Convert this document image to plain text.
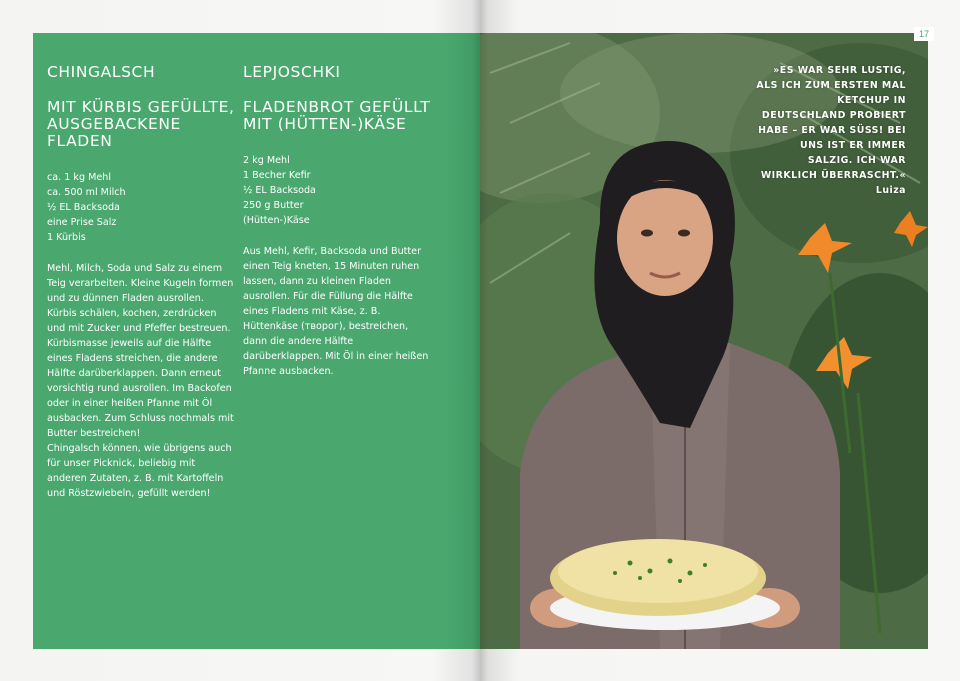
CHINGALSCH
MIT KÜRBIS GEFÜLLTE, AUSGEBACKENE FLADEN
ca. 1 kg Mehl
ca. 500 ml Milch
½ EL Backsoda
eine Prise Salz
1 Kürbis

Mehl, Milch, Soda und Salz zu einem Teig verarbeiten. Kleine Kugeln formen und zu dünnen Fladen ausrollen.

Kürbis schälen, kochen, zerdrücken und mit Zucker und Pfeffer bestreuen. Kürbismasse jeweils auf die Hälfte eines Fladens streichen, die andere Hälfte darüberklappen. Dann erneut vorsichtig rund ausrollen. Im Backofen oder in einer heißen Pfanne mit Öl ausbacken. Zum Schluss nochmals mit Butter bestreichen!

Chingalsch können, wie übrigens auch für unser Picknick, beliebig mit anderen Zutaten, z. B. mit Kartoffeln und Röstzwiebeln, gefüllt werden!

LEPJOSCHKI
FLADENBROT GEFÜLLT MIT (HÜTTEN-)KÄSE
2 kg Mehl
1 Becher Kefir
½ EL Backsoda
250 g Butter
(Hütten-)Käse

Aus Mehl, Kefir, Backsoda und Butter einen Teig kneten, 15 Minuten ruhen lassen, dann zu kleinen Fladen ausrollen. Für die Füllung die Hälfte eines Fladens mit Käse, z. B. Hüttenkäse (творог), bestreichen, dann die andere Hälfte darüberklappen. Mit Öl in einer heißen Pfanne ausbacken.

»ES WAR SEHR LUSTIG, ALS ICH ZUM ERSTEN MAL KETCHUP IN DEUTSCHLAND PROBIERT HABE – ER WAR SÜSS! BEI UNS IST ER IMMER SALZIG. ICH WAR WIRKLICH ÜBERRASCHT.«
Luiza
17
